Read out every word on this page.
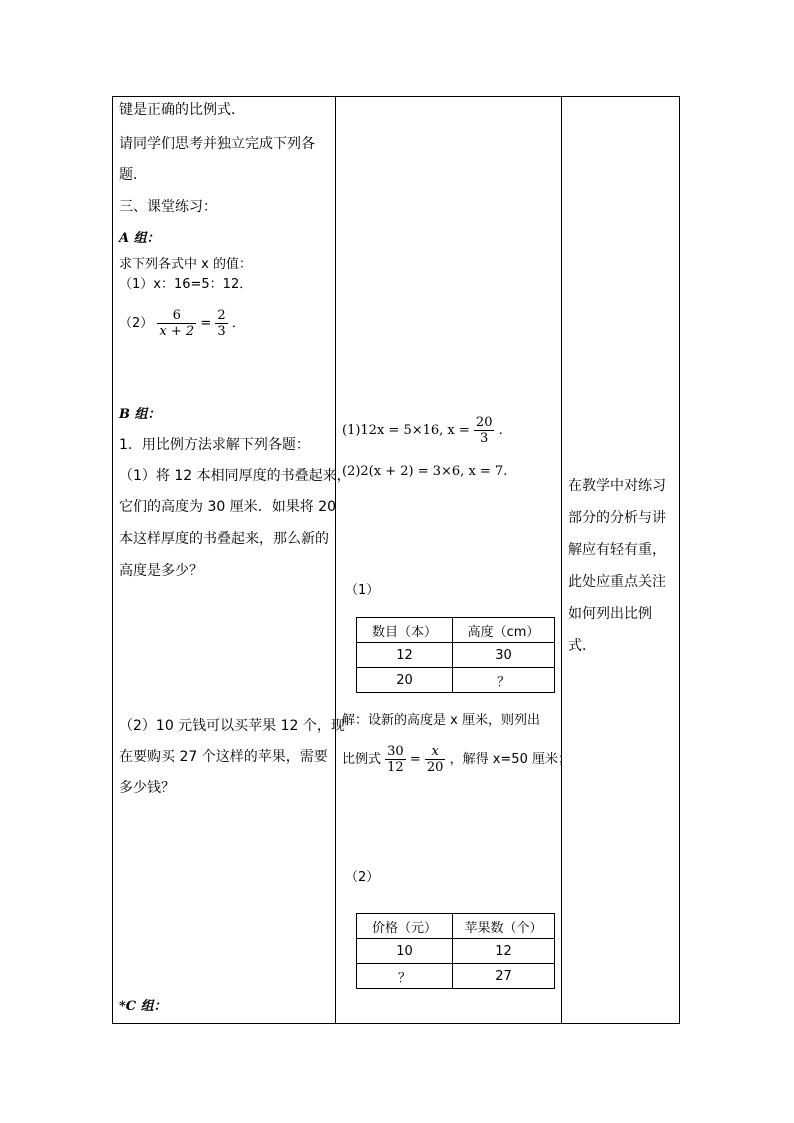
键是正确的比例式．
请同学们思考并独立完成下列各
题．
三、课堂练习：
A 组：
求下列各式中 x 的值：
（1）x：16=5：12．
$(2) \frac{6}{x + 2} = \frac{2}{3}$ ．
B 组：
1．用比例方法求解下列各题：
（1）将 12 本相同厚度的书叠起来，
它们的高度为 30 厘米．如果将 20
本这样厚度的书叠起来，那么新的
高度是多少？
（2）10 元钱可以买苹果 12 个，现
在要购买 27 个这样的苹果，需要
多少钱？
*C 组：
(1)12x = 5×16, $x = \frac{20}{3}$ .
(2)2(x + 2) = 3×6, x = 7.
（1）
数目（本）	高度（cm）
12	30
20	？
解：设新的高度是 x 厘米，则列出
比例式 $\frac{30}{12} = \frac{x}{20}$ ，解得 x=50 厘米；
（2）
价格（元）	苹果数（个）
10	12
？	27
在教学中对练习
部分的分析与讲
解应有轻有重，
此处应重点关注
如何列出比例
式．
